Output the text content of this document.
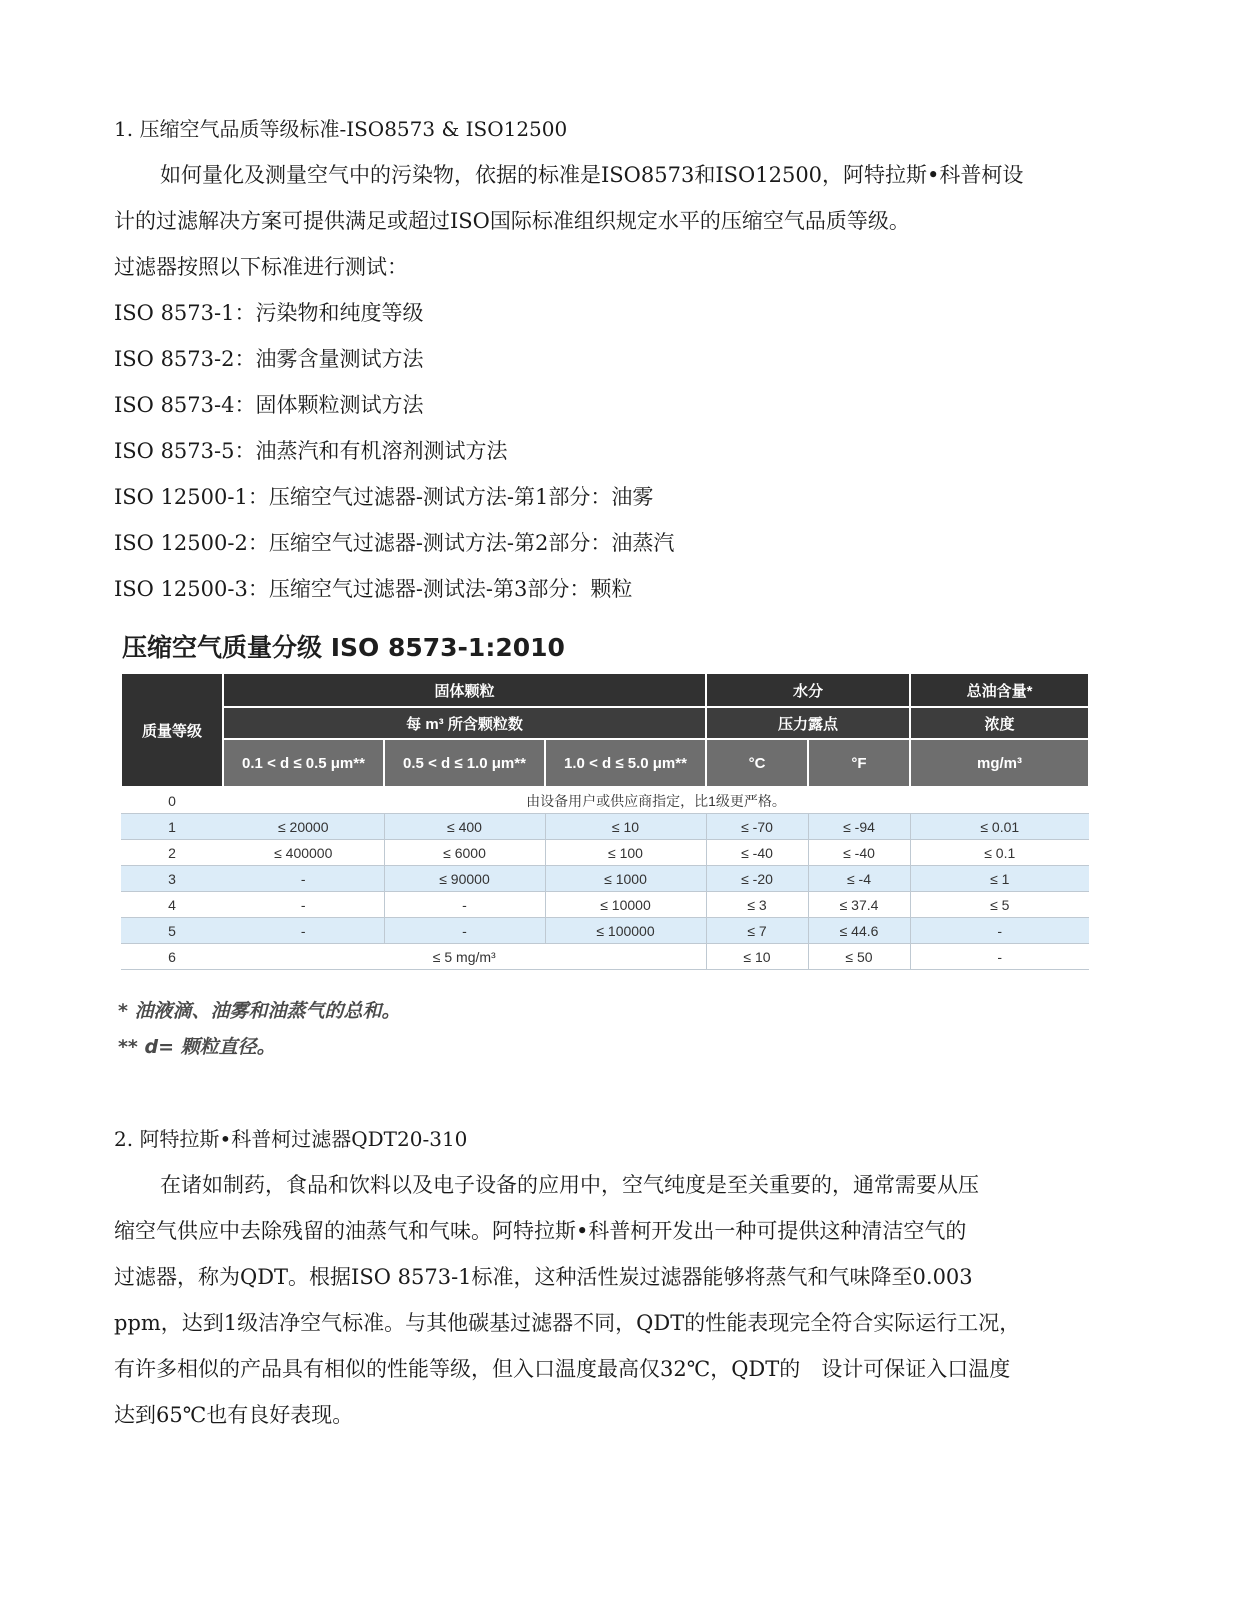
1. 压缩空气品质等级标准-ISO8573 & ISO12500
如何量化及测量空气中的污染物，依据的标准是ISO8573和ISO12500，阿特拉斯•科普柯设
计的过滤解决方案可提供满足或超过ISO国际标准组织规定水平的压缩空气品质等级。
过滤器按照以下标准进行测试：
ISO 8573-1：污染物和纯度等级
ISO 8573-2：油雾含量测试方法
ISO 8573-4：固体颗粒测试方法
ISO 8573-5：油蒸汽和有机溶剂测试方法
ISO 12500-1：压缩空气过滤器-测试方法-第1部分：油雾
ISO 12500-2：压缩空气过滤器-测试方法-第2部分：油蒸汽
ISO 12500-3：压缩空气过滤器-测试法-第3部分：颗粒
压缩空气质量分级 ISO 8573-1:2010
质量等级	固体颗粒			水分		总油含量*
	每 m³ 所含颗粒数			压力露点		浓度
	0.1 < d ≤ 0.5 μm**	0.5 < d ≤ 1.0 μm**	1.0 < d ≤ 5.0 μm**	°C	°F	mg/m³
0	由设备用户或供应商指定，比1级更严格。					
1	≤ 20000	≤ 400	≤ 10	≤ -70	≤ -94	≤ 0.01
2	≤ 400000	≤ 6000	≤ 100	≤ -40	≤ -40	≤ 0.1
3	-	≤ 90000	≤ 1000	≤ -20	≤ -4	≤ 1
4	-	-	≤ 10000	≤ 3	≤ 37.4	≤ 5
5	-	-	≤ 100000	≤ 7	≤ 44.6	-
6	≤ 5 mg/m³			≤ 10	≤ 50	-
* 油液滴、油雾和油蒸气的总和。
** d= 颗粒直径。
2. 阿特拉斯•科普柯过滤器QDT20-310
在诸如制药，食品和饮料以及电子设备的应用中，空气纯度是至关重要的，通常需要从压
缩空气供应中去除残留的油蒸气和气味。阿特拉斯•科普柯开发出一种可提供这种清洁空气的
过滤器，称为QDT。根据ISO 8573-1标准，这种活性炭过滤器能够将蒸气和气味降至0.003
ppm，达到1级洁净空气标准。与其他碳基过滤器不同，QDT的性能表现完全符合实际运行工况，
有许多相似的产品具有相似的性能等级，但入口温度最高仅32℃，QDT的　设计可保证入口温度
达到65℃也有良好表现。
